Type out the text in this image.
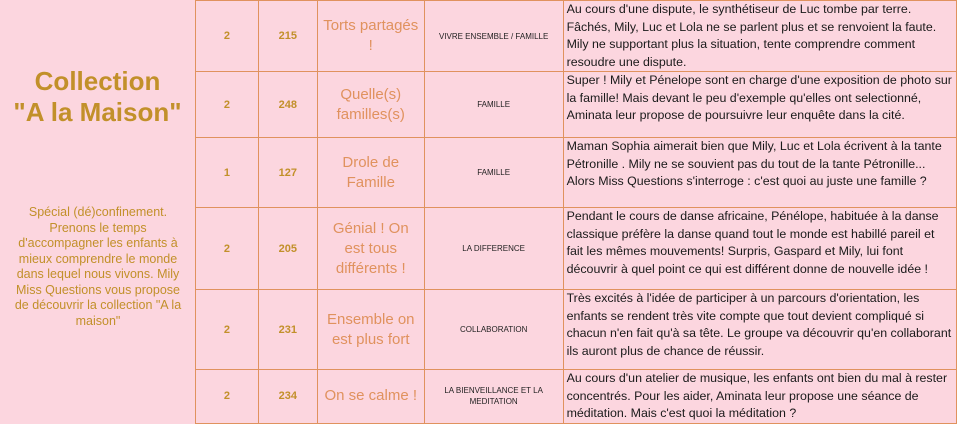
Collection
"A la Maison"
Spécial (dé)confinement. Prenons le temps d'accompagner les enfants à mieux comprendre le monde dans lequel nous vivons. Mily Miss Questions vous propose de découvrir la collection "A la maison"
2	215	Torts partagés !	VIVRE ENSEMBLE / FAMILLE	Au cours d'une dispute, le synthétiseur de Luc tombe par terre. Fâchés, Mily, Luc et Lola ne se parlent plus et se renvoient la faute. Mily ne supportant plus la situation, tente comprendre comment resoudre une dispute.
2	248	Quelle(s) familles(s)	FAMILLE	Super ! Mily et Pénelope sont en charge d'une exposition de photo sur la famille! Mais devant le peu d'exemple qu'elles ont selectionné, Aminata leur propose de poursuivre leur enquête dans la cité.
1	127	Drole de Famille	FAMILLE	Maman Sophia aimerait bien que Mily, Luc et Lola écrivent à la tante Pétronille . Mily ne se souvient pas du tout de la tante Pétronille... Alors Miss Questions s'interroge : c'est quoi au juste une famille ?
2	205	Génial ! On est tous différents !	LA DIFFERENCE	Pendant le cours de danse africaine, Pénélope, habituée à la danse classique préfère la danse quand tout le monde est habillé pareil et fait les mêmes mouvements! Surpris, Gaspard et Mily, lui font découvrir à quel point ce qui est différent donne de nouvelle idée !
2	231	Ensemble on est plus fort	COLLABORATION	Très excités à l'idée de participer à un parcours d'orientation, les enfants se rendent très vite compte que tout devient compliqué si chacun n'en fait qu'à sa tête. Le groupe va découvrir qu'en collaborant ils auront plus de chance de réussir.
2	234	On se calme !	LA BIENVEILLANCE ET LA MEDITATION	Au cours d'un atelier de musique, les enfants ont bien du mal à rester concentrés. Pour les aider, Aminata leur propose une séance de méditation. Mais c'est quoi la méditation ?
